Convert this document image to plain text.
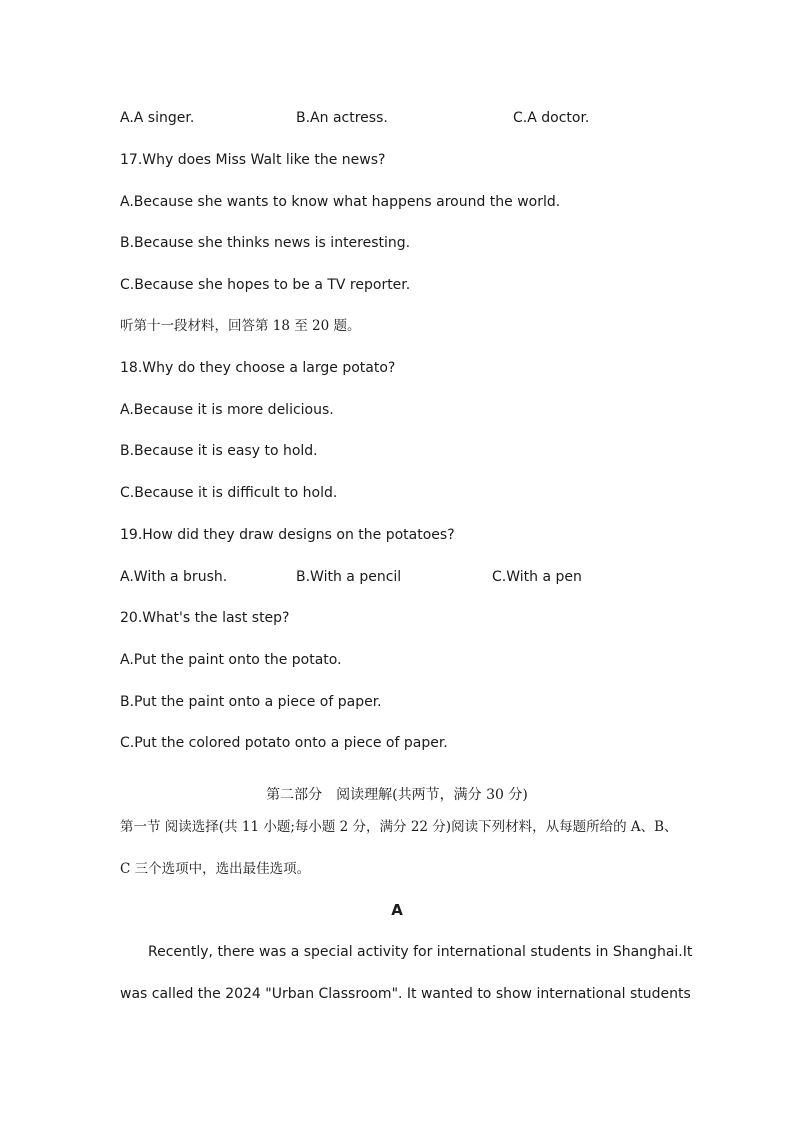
A.A singer.	B.An actress.	C.A doctor.
17.Why does Miss Walt like the news?
A.Because she wants to know what happens around the world.
B.Because she thinks news is interesting.
C.Because she hopes to be a TV reporter.
听第十一段材料，回答第 18 至 20 题。
18.Why do they choose a large potato?
A.Because it is more delicious.
B.Because it is easy to hold.
C.Because it is difficult to hold.
19.How did they draw designs on the potatoes?
A.With a brush.	B.With a pencil	C.With a pen
20.What's the last step?
A.Put the paint onto the potato.
B.Put the paint onto a piece of paper.
C.Put the colored potato onto a piece of paper.
第二部分　阅读理解(共两节，满分 30 分)
第一节 阅读选择(共 11 小题;每小题 2 分，满分 22 分)阅读下列材料，从每题所给的 A、B、
C 三个选项中，选出最佳选项。
A
Recently, there was a special activity for international students in Shanghai.It
was called the 2024 "Urban Classroom". It wanted to show international students
